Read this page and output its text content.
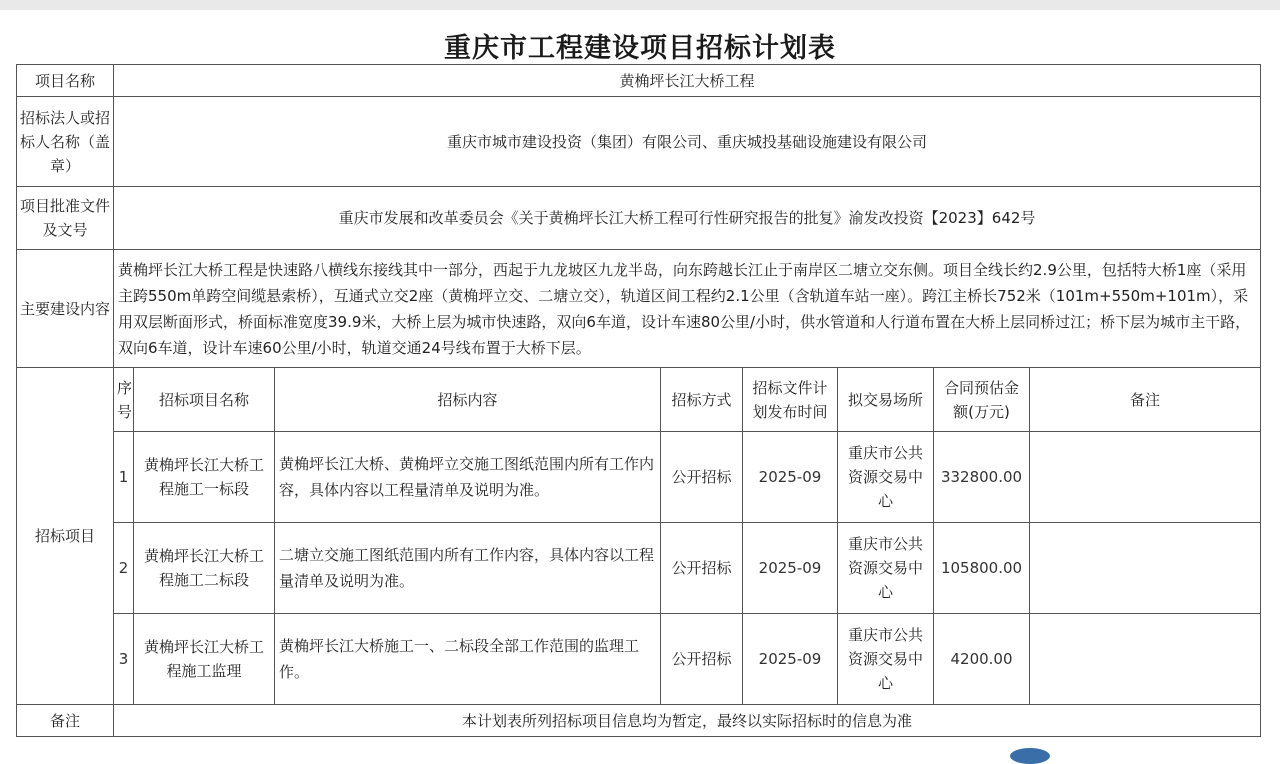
重庆市工程建设项目招标计划表
项目名称	黄桷坪长江大桥工程							
招标法人或招标人名称（盖章）	重庆市城市建设投资（集团）有限公司、重庆城投基础设施建设有限公司							
项目批准文件及文号	重庆市发展和改革委员会《关于黄桷坪长江大桥工程可行性研究报告的批复》渝发改投资【2023】642号							
主要建设内容	黄桷坪长江大桥工程是快速路八横线东接线其中一部分，西起于九龙坡区九龙半岛，向东跨越长江止于南岸区二塘立交东侧。项目全线长约2.9公里，包括特大桥1座（采用主跨550m单跨空间缆悬索桥），互通式立交2座（黄桷坪立交、二塘立交），轨道区间工程约2.1公里（含轨道车站一座）。跨江主桥长752米（101m+550m+101m），采用双层断面形式，桥面标准宽度39.9米，大桥上层为城市快速路，双向6车道，设计车速80公里/小时，供水管道和人行道布置在大桥上层同桥过江；桥下层为城市主干路，双向6车道，设计车速60公里/小时，轨道交通24号线布置于大桥下层。							
招标项目	序号	招标项目名称	招标内容	招标方式	招标文件计划发布时间	拟交易场所	合同预估金额(万元)	备注
	1	黄桷坪长江大桥工程施工一标段	黄桷坪长江大桥、黄桷坪立交施工图纸范围内所有工作内容，具体内容以工程量清单及说明为准。	公开招标	2025-09	重庆市公共资源交易中心	332800.00	
	2	黄桷坪长江大桥工程施工二标段	二塘立交施工图纸范围内所有工作内容，具体内容以工程量清单及说明为准。	公开招标	2025-09	重庆市公共资源交易中心	105800.00	
	3	黄桷坪长江大桥工程施工监理	黄桷坪长江大桥施工一、二标段全部工作范围的监理工作。	公开招标	2025-09	重庆市公共资源交易中心	4200.00	
备注	本计划表所列招标项目信息均为暂定，最终以实际招标时的信息为准							
